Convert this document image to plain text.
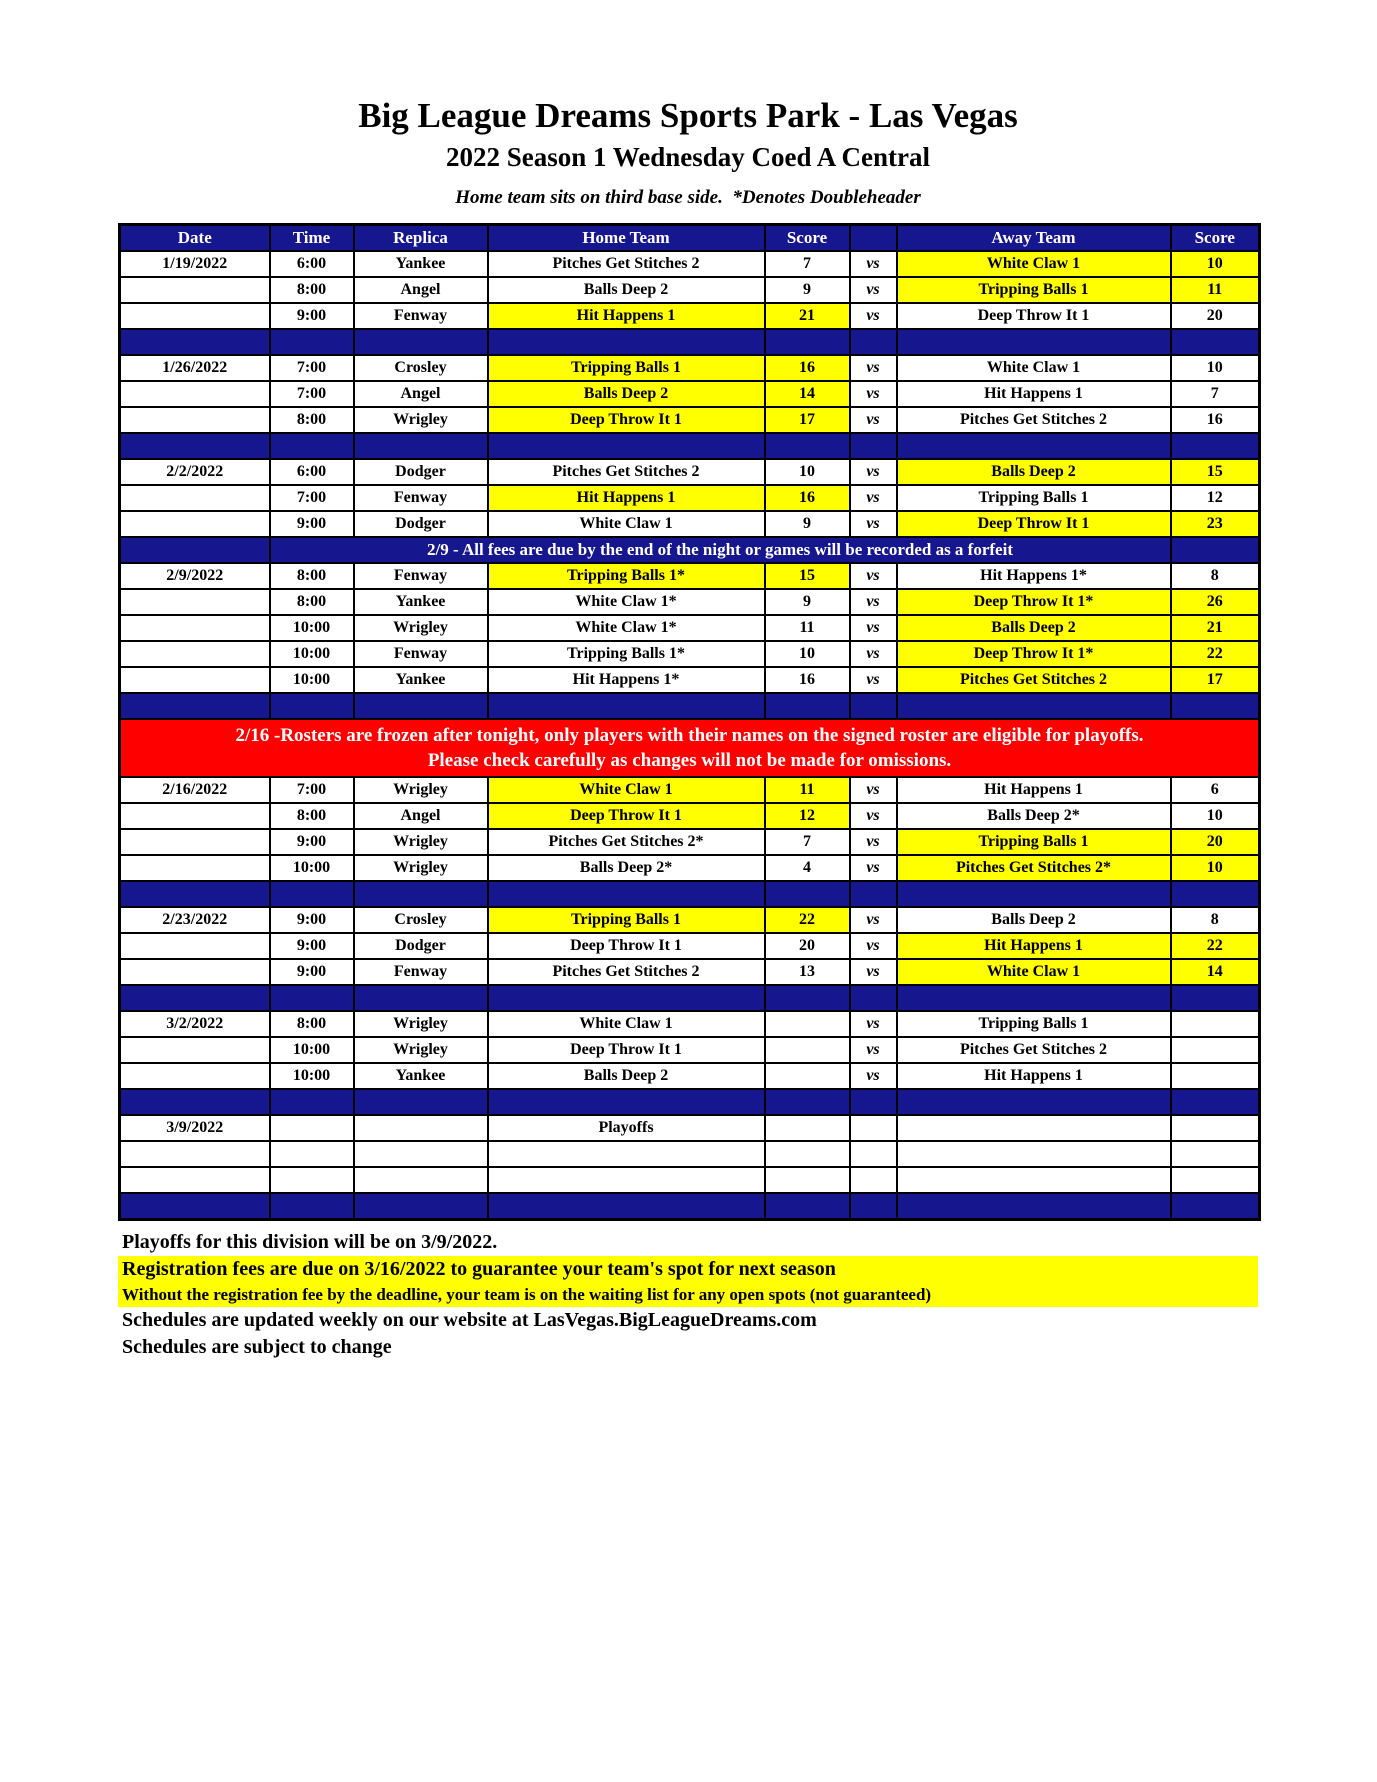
Big League Dreams Sports Park - Las Vegas
2022 Season 1 Wednesday Coed A Central
Home team sits on third base side.  *Denotes Doubleheader
Date	Time	Replica	Home Team	Score		Away Team	Score
1/19/2022	6:00	Yankee	Pitches Get Stitches 2	7	vs	White Claw 1	10
	8:00	Angel	Balls Deep 2	9	vs	Tripping Balls 1	11
	9:00	Fenway	Hit Happens 1	21	vs	Deep Throw It 1	20

1/26/2022	7:00	Crosley	Tripping Balls 1	16	vs	White Claw 1	10
	7:00	Angel	Balls Deep 2	14	vs	Hit Happens 1	7
	8:00	Wrigley	Deep Throw It 1	17	vs	Pitches Get Stitches 2	16

2/2/2022	6:00	Dodger	Pitches Get Stitches 2	10	vs	Balls Deep 2	15
	7:00	Fenway	Hit Happens 1	16	vs	Tripping Balls 1	12
	9:00	Dodger	White Claw 1	9	vs	Deep Throw It 1	23
	2/9 - All fees are due by the end of the night or games will be recorded as a forfeit						
2/9/2022	8:00	Fenway	Tripping Balls 1*	15	vs	Hit Happens 1*	8
	8:00	Yankee	White Claw 1*	9	vs	Deep Throw It 1*	26
	10:00	Wrigley	White Claw 1*	11	vs	Balls Deep 2	21
	10:00	Fenway	Tripping Balls 1*	10	vs	Deep Throw It 1*	22
	10:00	Yankee	Hit Happens 1*	16	vs	Pitches Get Stitches 2	17

2/16 -Rosters are frozen after tonight, only players with their names on the signed roster are eligible for playoffs.
Please check carefully as changes will not be made for omissions.							

2/16/2022	7:00	Wrigley	White Claw 1	11	vs	Hit Happens 1	6
	8:00	Angel	Deep Throw It 1	12	vs	Balls Deep 2*	10
	9:00	Wrigley	Pitches Get Stitches 2*	7	vs	Tripping Balls 1	20
	10:00	Wrigley	Balls Deep 2*	4	vs	Pitches Get Stitches 2*	10

2/23/2022	9:00	Crosley	Tripping Balls 1	22	vs	Balls Deep 2	8
	9:00	Dodger	Deep Throw It 1	20	vs	Hit Happens 1	22
	9:00	Fenway	Pitches Get Stitches 2	13	vs	White Claw 1	14

3/2/2022	8:00	Wrigley	White Claw 1		vs	Tripping Balls 1	
	10:00	Wrigley	Deep Throw It 1		vs	Pitches Get Stitches 2	
	10:00	Yankee	Balls Deep 2		vs	Hit Happens 1	

3/9/2022			Playoffs				

Playoffs for this division will be on 3/9/2022.
Registration fees are due on 3/16/2022 to guarantee your team's spot for next season
Without the registration fee by the deadline, your team is on the waiting list for any open spots (not guaranteed)
Schedules are updated weekly on our website at LasVegas.BigLeagueDreams.com
Schedules are subject to change
